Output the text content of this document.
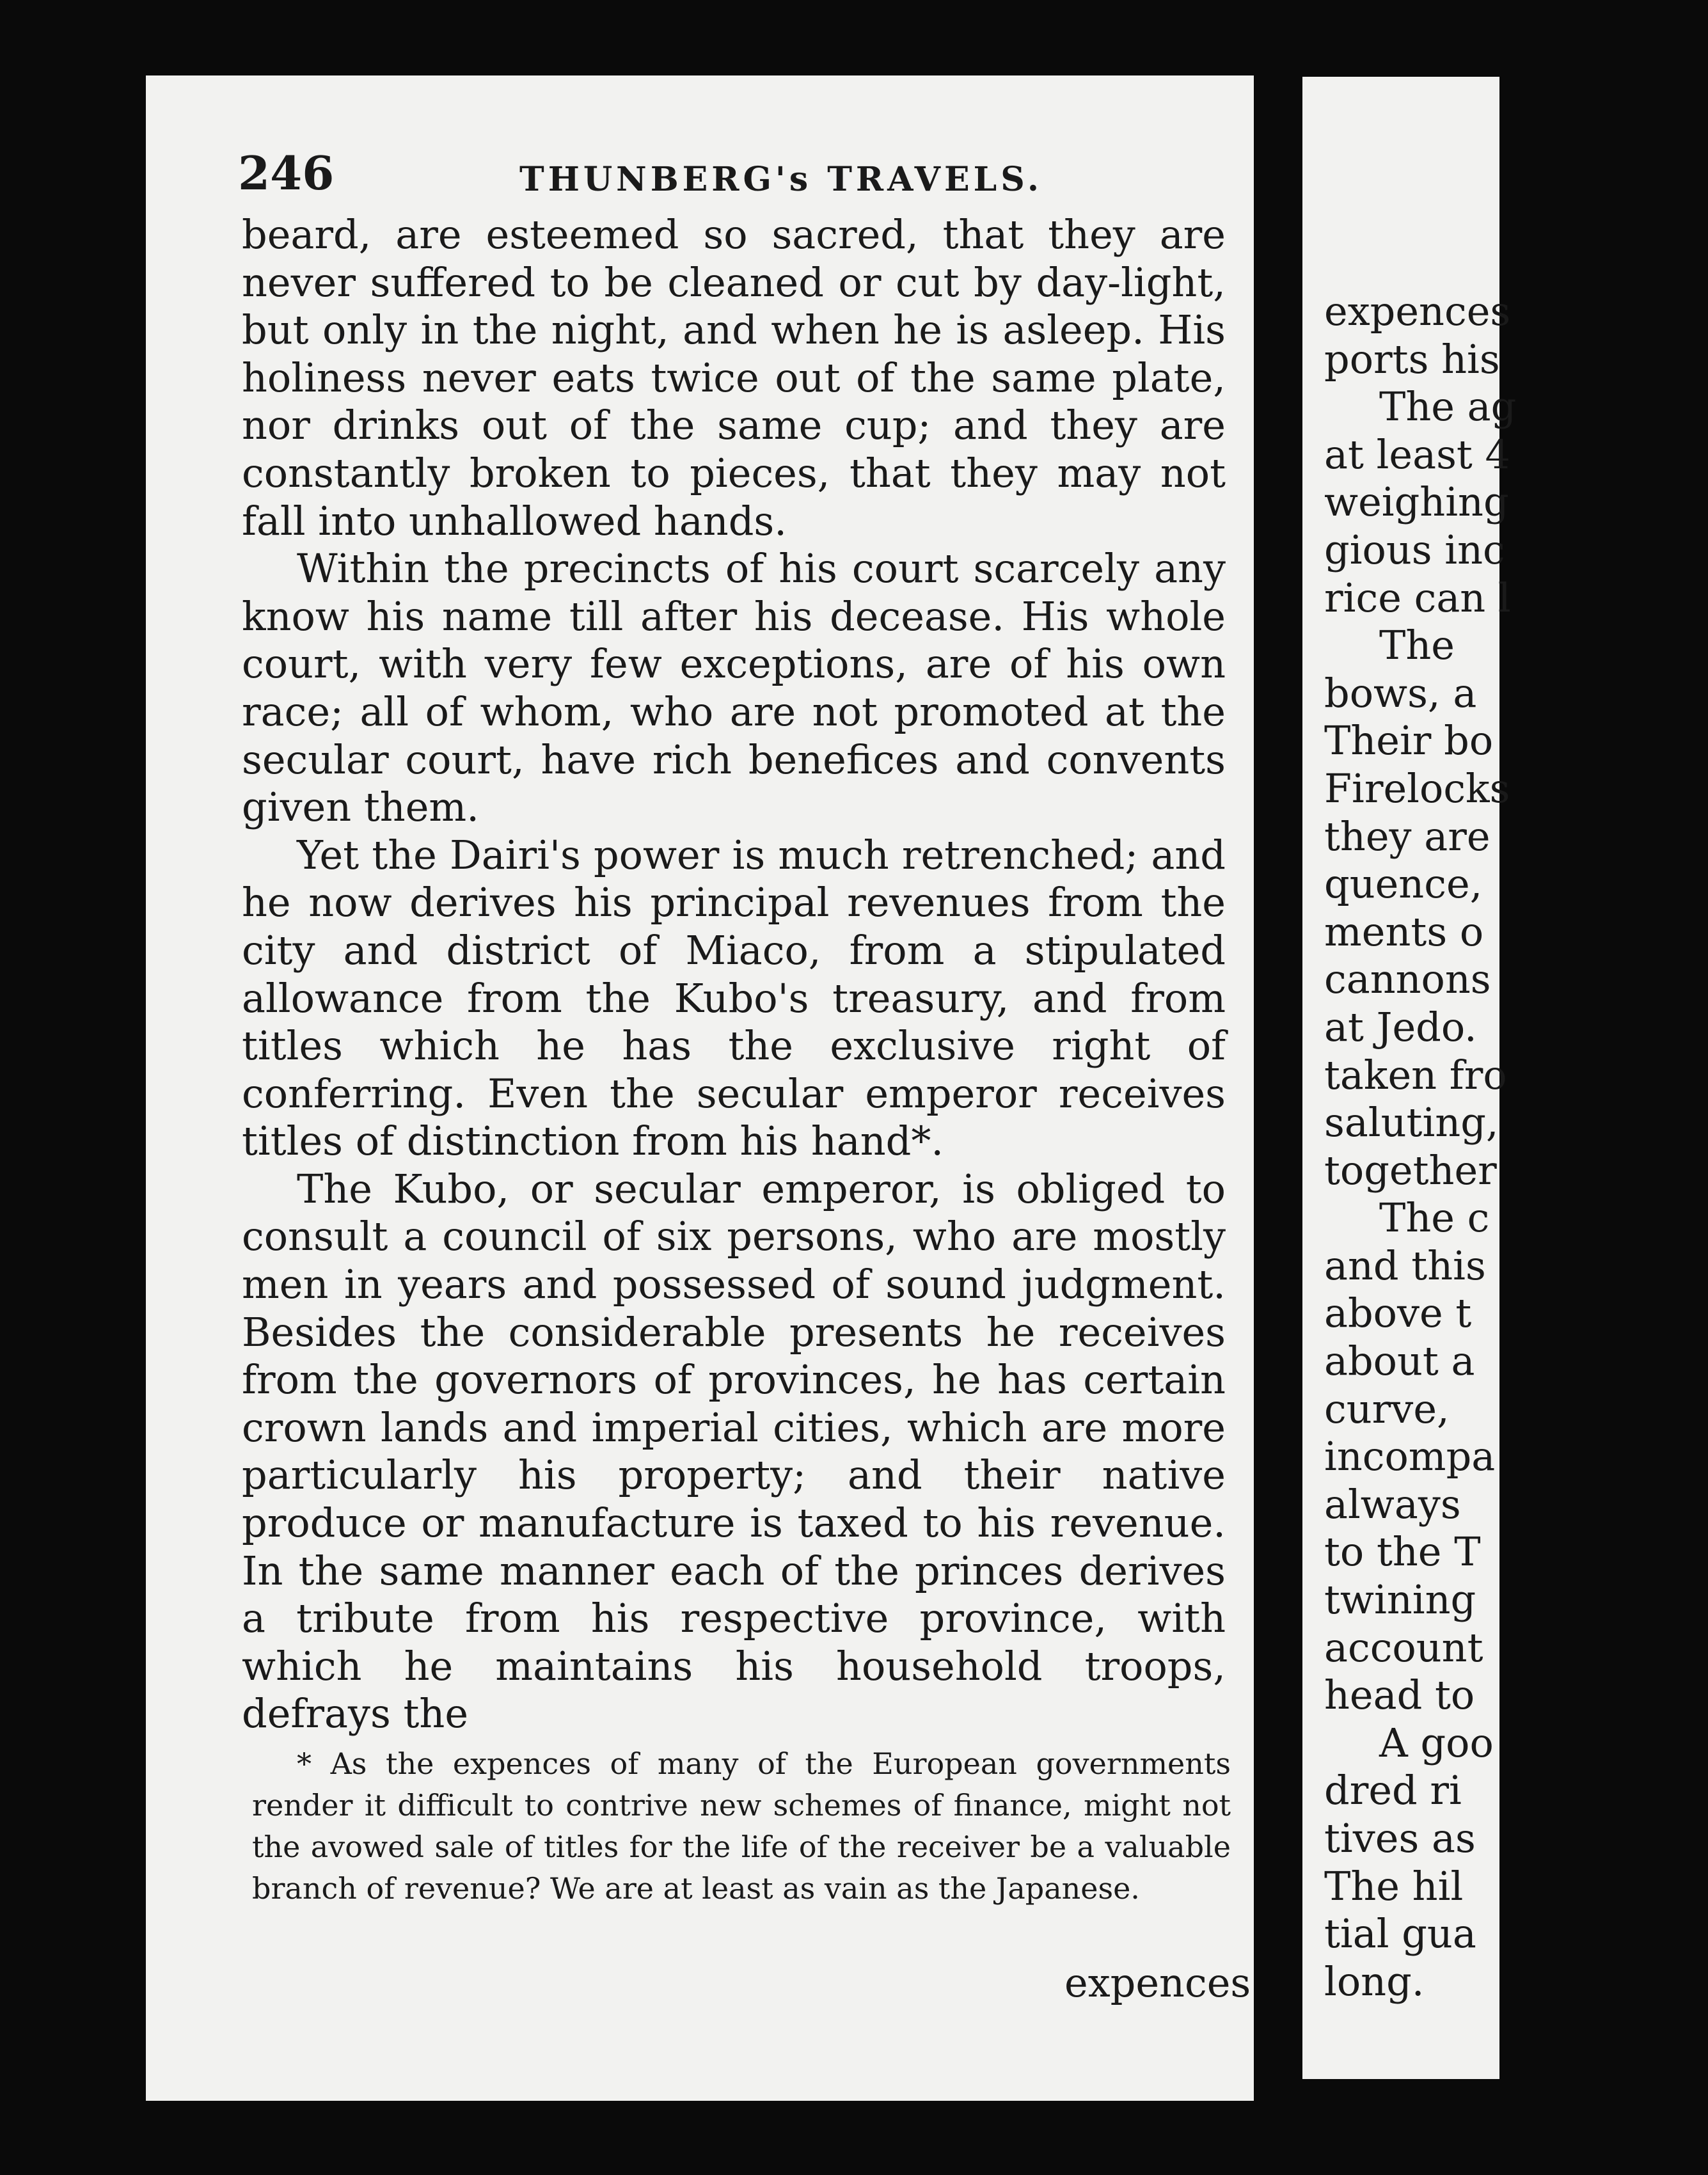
246	THUNBERG's TRAVELS.

beard, are esteemed so sacred, that they are never suffered to be cleaned or cut by day-light, but only in the night, and when he is asleep. His holiness never eats twice out of the same plate, nor drinks out of the same cup; and they are constantly broken to pieces, that they may not fall into unhallowed hands.

Within the precincts of his court scarcely any know his name till after his decease. His whole court, with very few exceptions, are of his own race; all of whom, who are not promoted at the secular court, have rich benefices and convents given them.

Yet the Dairi's power is much retrenched; and he now derives his principal revenues from the city and district of Miaco, from a stipulated allowance from the Kubo's treasury, and from titles which he has the exclusive right of conferring. Even the secular emperor receives titles of distinction from his hand*.

The Kubo, or secular emperor, is obliged to consult a council of six persons, who are mostly men in years and possessed of sound judgment. Besides the considerable presents he receives from the governors of provinces, he has certain crown lands and imperial cities, which are more particularly his property; and their native produce or manufacture is taxed to his revenue. In the same manner each of the princes derives a tribute from his respective province, with which he maintains his household troops, defrays the

* As the expences of many of the European governments render it difficult to contrive new schemes of finance, might not the avowed sale of titles for the life of the receiver be a valuable branch of revenue? We are at least as vain as the Japanese.

expences
expences
ports his
The ag
at least 4
weighing
gious inc
rice can l
The
bows, a
Their bo
Firelocks
they are
quence,
ments o
cannons
at Jedo.
taken fro
saluting,
together
The c
and this
above t
about a
curve,
incompa
always
to the T
twining
account
head to
A goo
dred ri
tives as
The hil
tial gua
long.
